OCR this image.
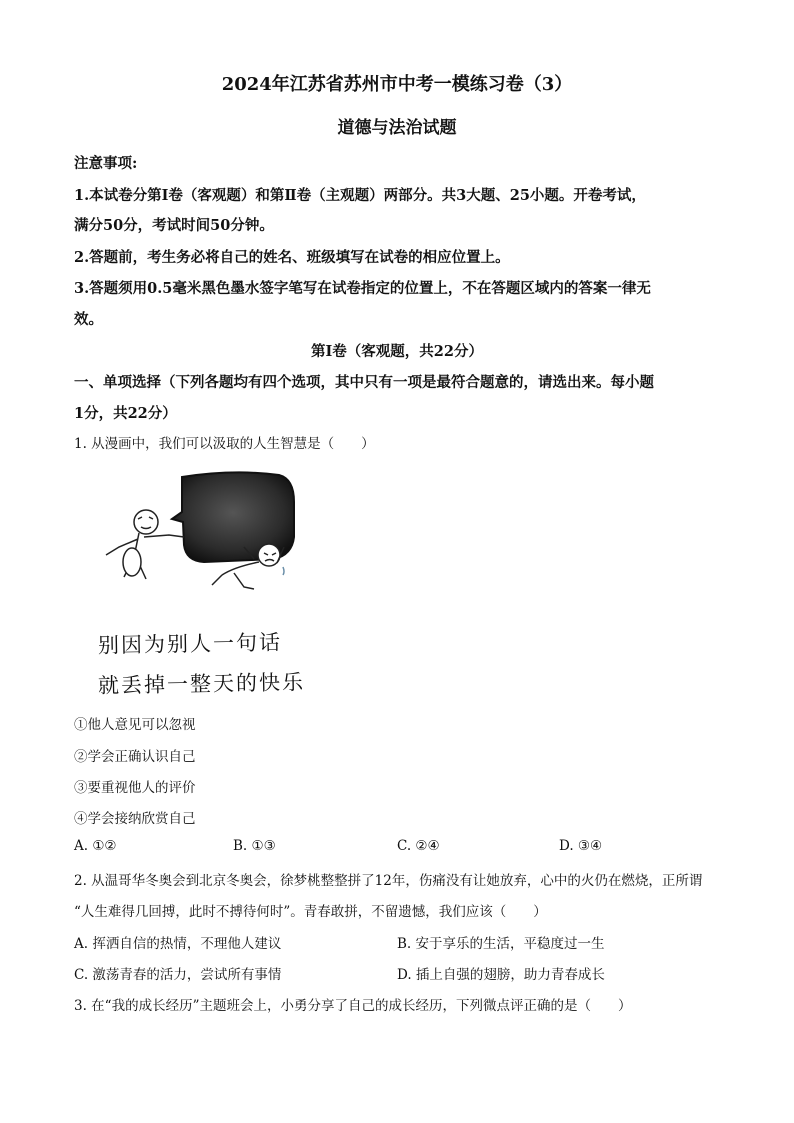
2024年江苏省苏州市中考一模练习卷（3）
道德与法治试题
注意事项:
1.本试卷分第Ⅰ卷（客观题）和第Ⅱ卷（主观题）两部分。共3大题、25小题。开卷考试，
满分50分，考试时间50分钟。
2.答题前，考生务必将自己的姓名、班级填写在试卷的相应位置上。
3.答题须用0.5毫米黑色墨水签字笔写在试卷指定的位置上，不在答题区域内的答案一律无
效。
第Ⅰ卷（客观题，共22分）
一、单项选择（下列各题均有四个选项，其中只有一项是最符合题意的，请选出来。每小题
1分，共22分）
1. 从漫画中，我们可以汲取的人生智慧是（　　）
别因为别人一句话
就丢掉一整天的快乐
①他人意见可以忽视
②学会正确认识自己
③要重视他人的评价
④学会接纳欣赏自己
A. ①②	B. ①③	C. ②④	D. ③④
2. 从温哥华冬奥会到北京冬奥会，徐梦桃整整拼了12年，伤痛没有让她放弃，心中的火仍在燃烧，正所谓
“人生难得几回搏，此时不搏待何时”。青春敢拼，不留遗憾，我们应该（　　）
A. 挥洒自信的热情，不理他人建议	B. 安于享乐的生活，平稳度过一生
C. 激荡青春的活力，尝试所有事情	D. 插上自强的翅膀，助力青春成长
3. 在“我的成长经历”主题班会上，小勇分享了自己的成长经历，下列微点评正确的是（　　）
